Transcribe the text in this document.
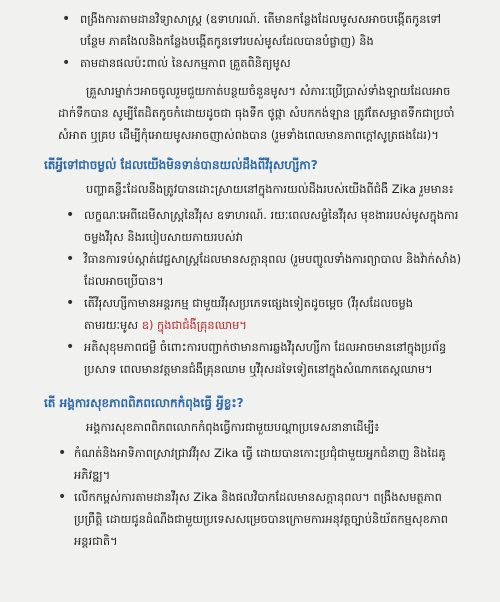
• ពង្រឹងការតាមដានវិទ្យាសាស្ត្រ (ឧទាហរណ៍. តើមានកន្លែងដែលមូសសអាចបង្កើតកូនទៅបន្ថែម ភាគងែលនិងកន្លែងបង្កើតកូនទៅរបស់មូសដែលបានបំផ្លាញ) និង
• តាមដានផលប៉ះពាល់ នៃសកម្មភាព គ្រួតពិនិត្យមូស

គ្រួសារម្នាក់ៗអាចចូលរួមជួយកាត់បន្ថយចំនួនមូស។ សំភារៈប្រើប្រាស់ទាំងឡាយដែលអាចដាក់ទឹកបាន សូម្បីតែដិតកូចកំដោយដូចជា ធុងទឹក ថូផ្កា សំបកកង់ឡាន ត្រូវតែសម្អាតទឹកជាប្រចាំ សំអាត ឬគ្រប ដើម្បីកុំអោយមូសអាចញាស់ពងបាន (រួមទាំងពេលមានភាពក្តៅសូត្រផងដែរ)។

តើអ្វីទៅជាចម្ងល់ ដែលយើងមិនទាន់បានយល់ដឹងពីវីរុសហ្សីកា?

បញ្ហាគន្លឹះដែលនឹងត្រូវបានដោះស្រាយនៅក្នុងការយល់ដឹងរបស់យើងពីជំងឺ Zika រួមមាន៖

• លក្ខណៈអេពីដេមីសាស្ត្រនៃវីរុស ឧទាហរណ៍. រយៈពេលសម្ងំនៃវីរុស មុខងាររបស់មូសក្នុងការចម្លងវីរុស និងរបៀបសាយភាយរបស់វា
• វិធានការទប់ស្កាត់វេជ្ជសាស្ត្រដែលមានសក្តានុពល (រួមបញ្ចូលទាំងការព្យាបាល និងវ៉ាក់សាំង) ដែលអាចប្រើបាន។
• តើវីរុសហ្សីកាមានអន្តរកម្ម ជាមួយវីរុសប្រភេទផ្សេងទៀតដូចម្តេច (វីរុសដែលចម្លងតាមរយៈមូស ឧ) ក្នុងជាជំងឺគ្រុនឈាម។
• អតិសុខុមភាពជម្ងឺ ចំពោះការបញ្ជាក់ថាមានការឆ្លងវីរុសហ្សីកា ដែលអាចមាននៅក្នុងប្រព័ន្ធប្រសាទ ពេលមានវត្តមានជំងឺគ្រុនឈាម ឬវីរុសដទៃទៀតនៅក្នុងសំណាកតេស្តឈាម។
តើ អង្គការសុខភាពពិភពលោកកំពុងធ្វើ អ្វីខ្លះ?

អង្គការសុខភាពពិភពលោកកំពុងធ្វើការជាមួយបណ្តាប្រទេសនានាដើម្បី៖

• កំណត់និងអាទិភាពស្រាវជ្រាវវីរុស Zika ធ្វើ ដោយបានកោះប្រជុំជាមួយអ្នកជំនាញ និងដៃគូអភិវឌ្ឍ។
• លើកកម្ពស់ការតាមដានវីរុស Zika និងផលវិបាកដែលមានសក្តានុពល។ ពង្រឹងសមត្ថភាពប្រព្រឹត្តិ ដោយជូនដំណឹងជាមួយប្រទេសសម្រេចបានក្រោមការអនុវត្តច្បាប់និយ័តកម្មសុខភាពអន្តរជាតិ។
